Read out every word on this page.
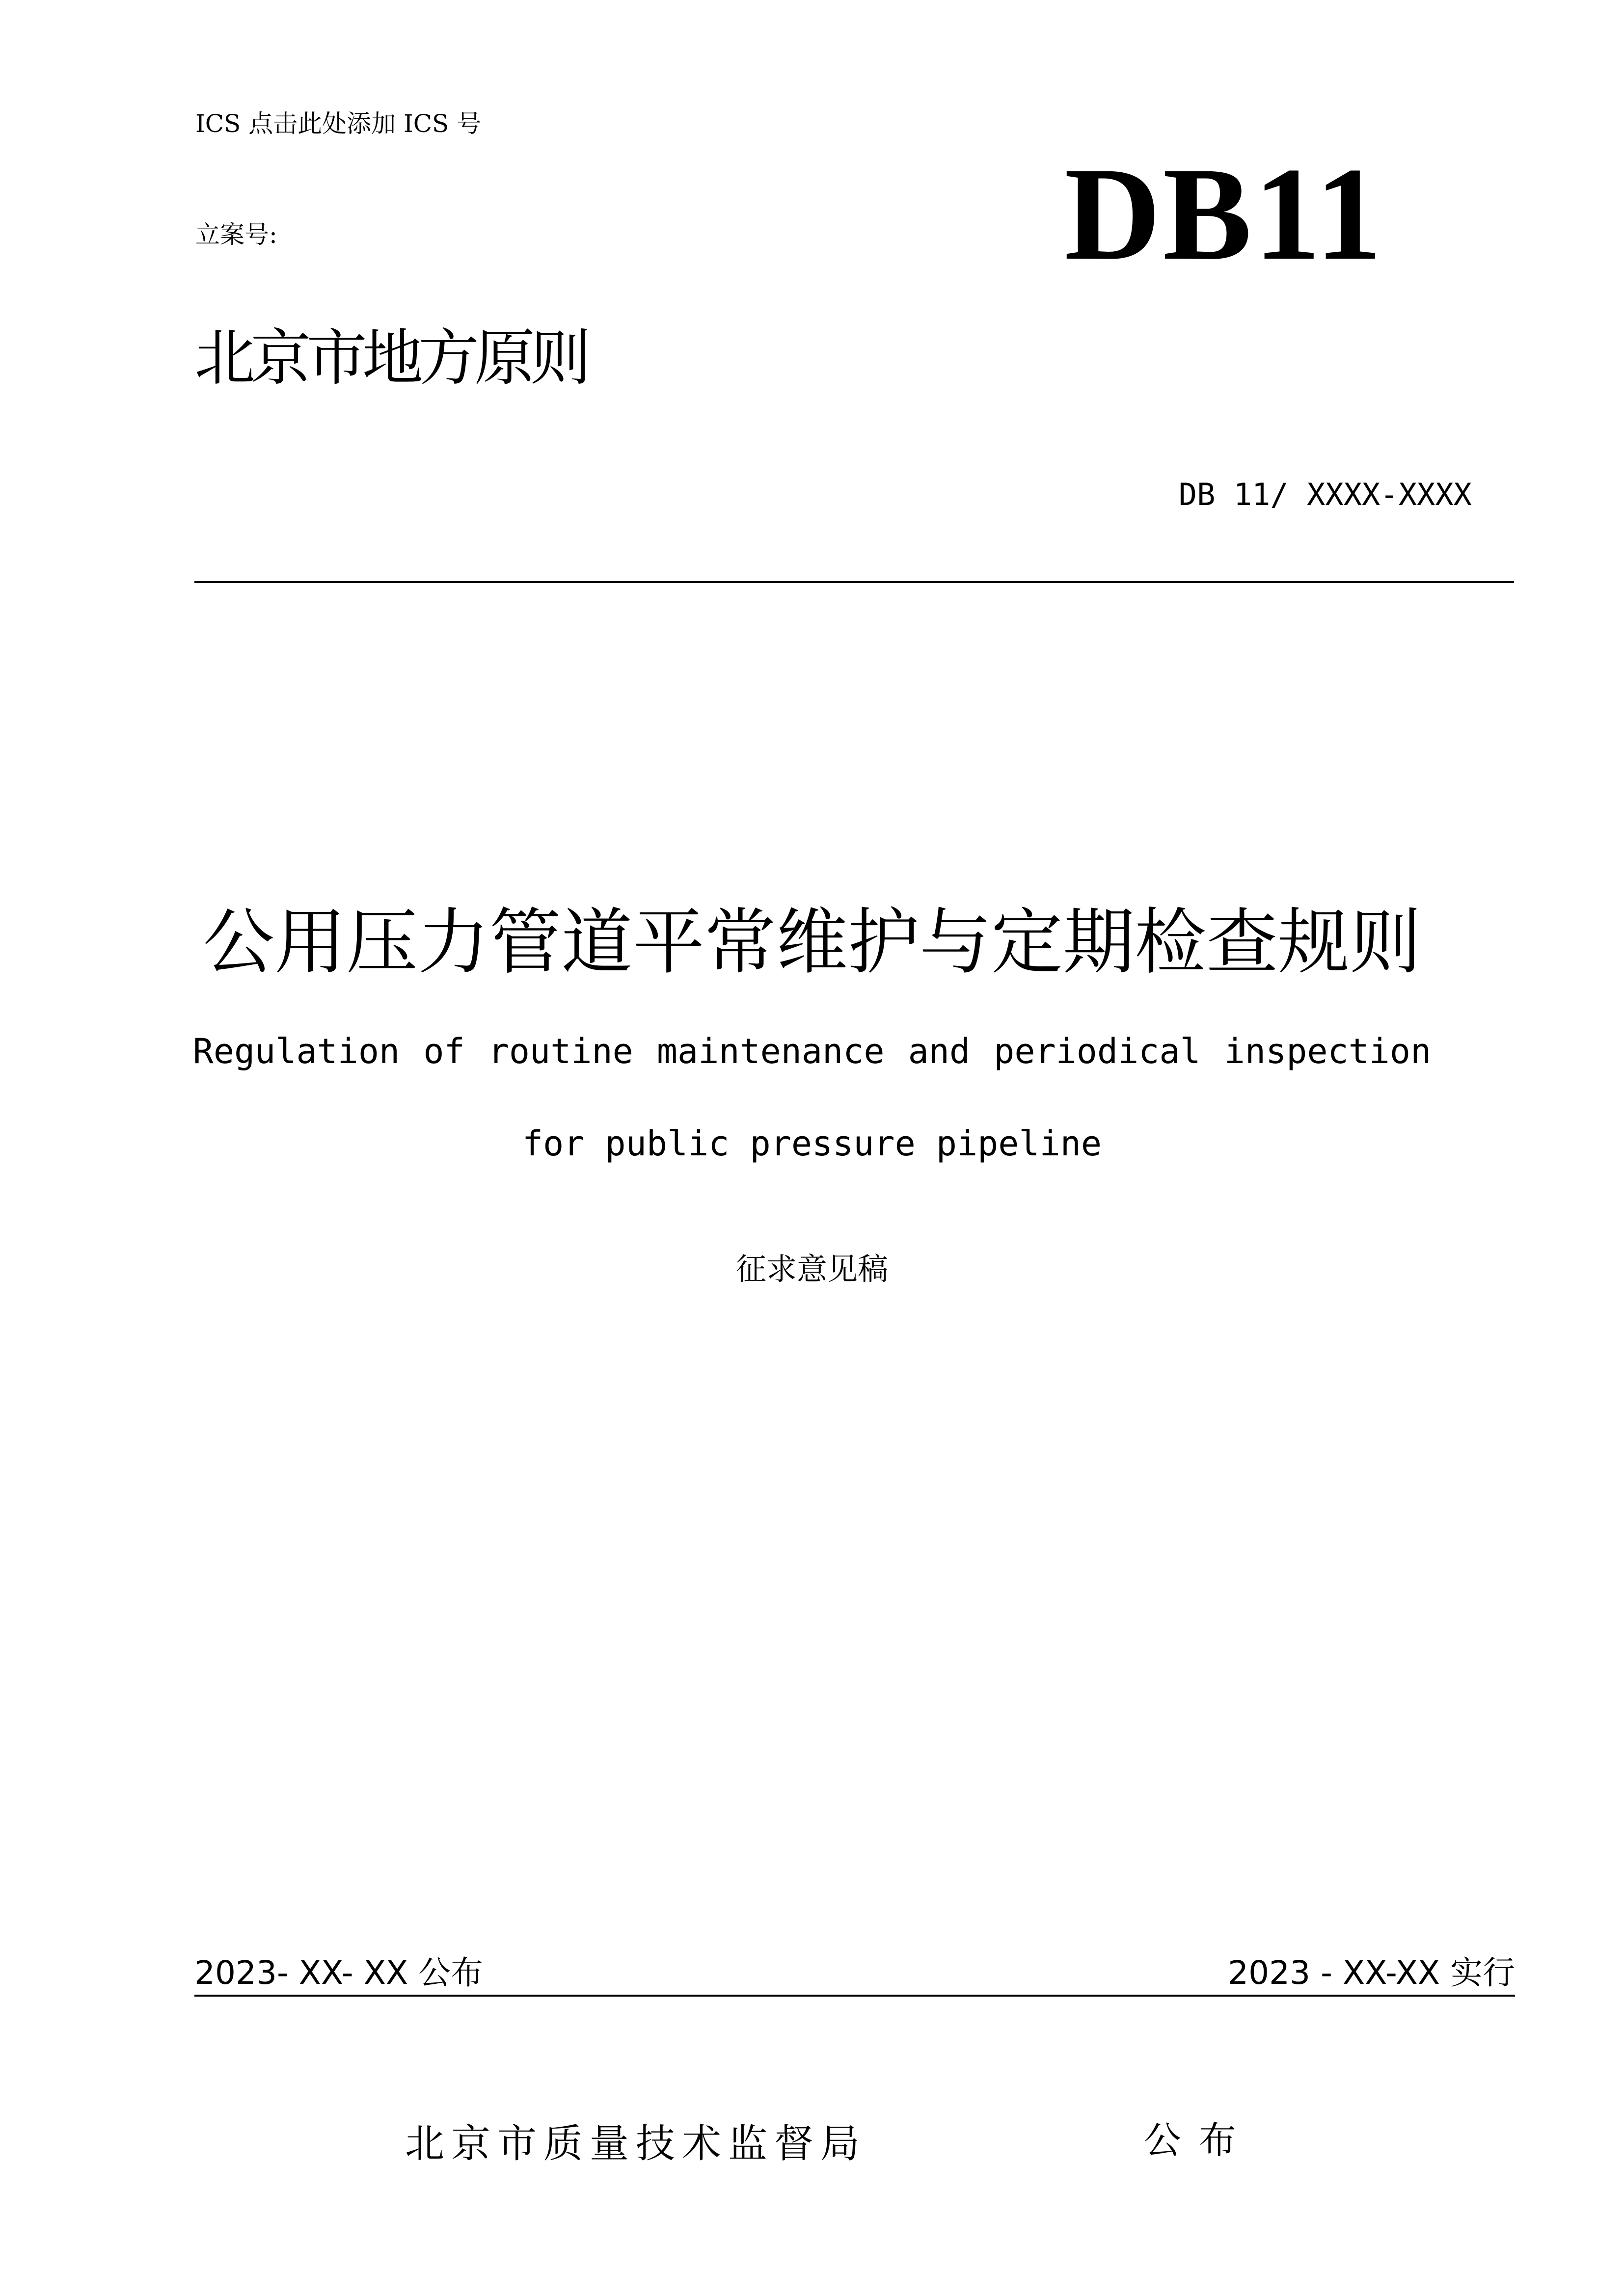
ICS 点击此处添加 ICS 号

立案号:	DB11
北京市地方原则

DB 11/ XXXX-XXXX

公用压力管道平常维护与定期检查规则

Regulation of routine maintenance and periodical inspection

for public pressure pipeline

征求意见稿

2023- XX- XX 公布	2023 - XX-XX 实行

北京市质量技术监督局	公布
